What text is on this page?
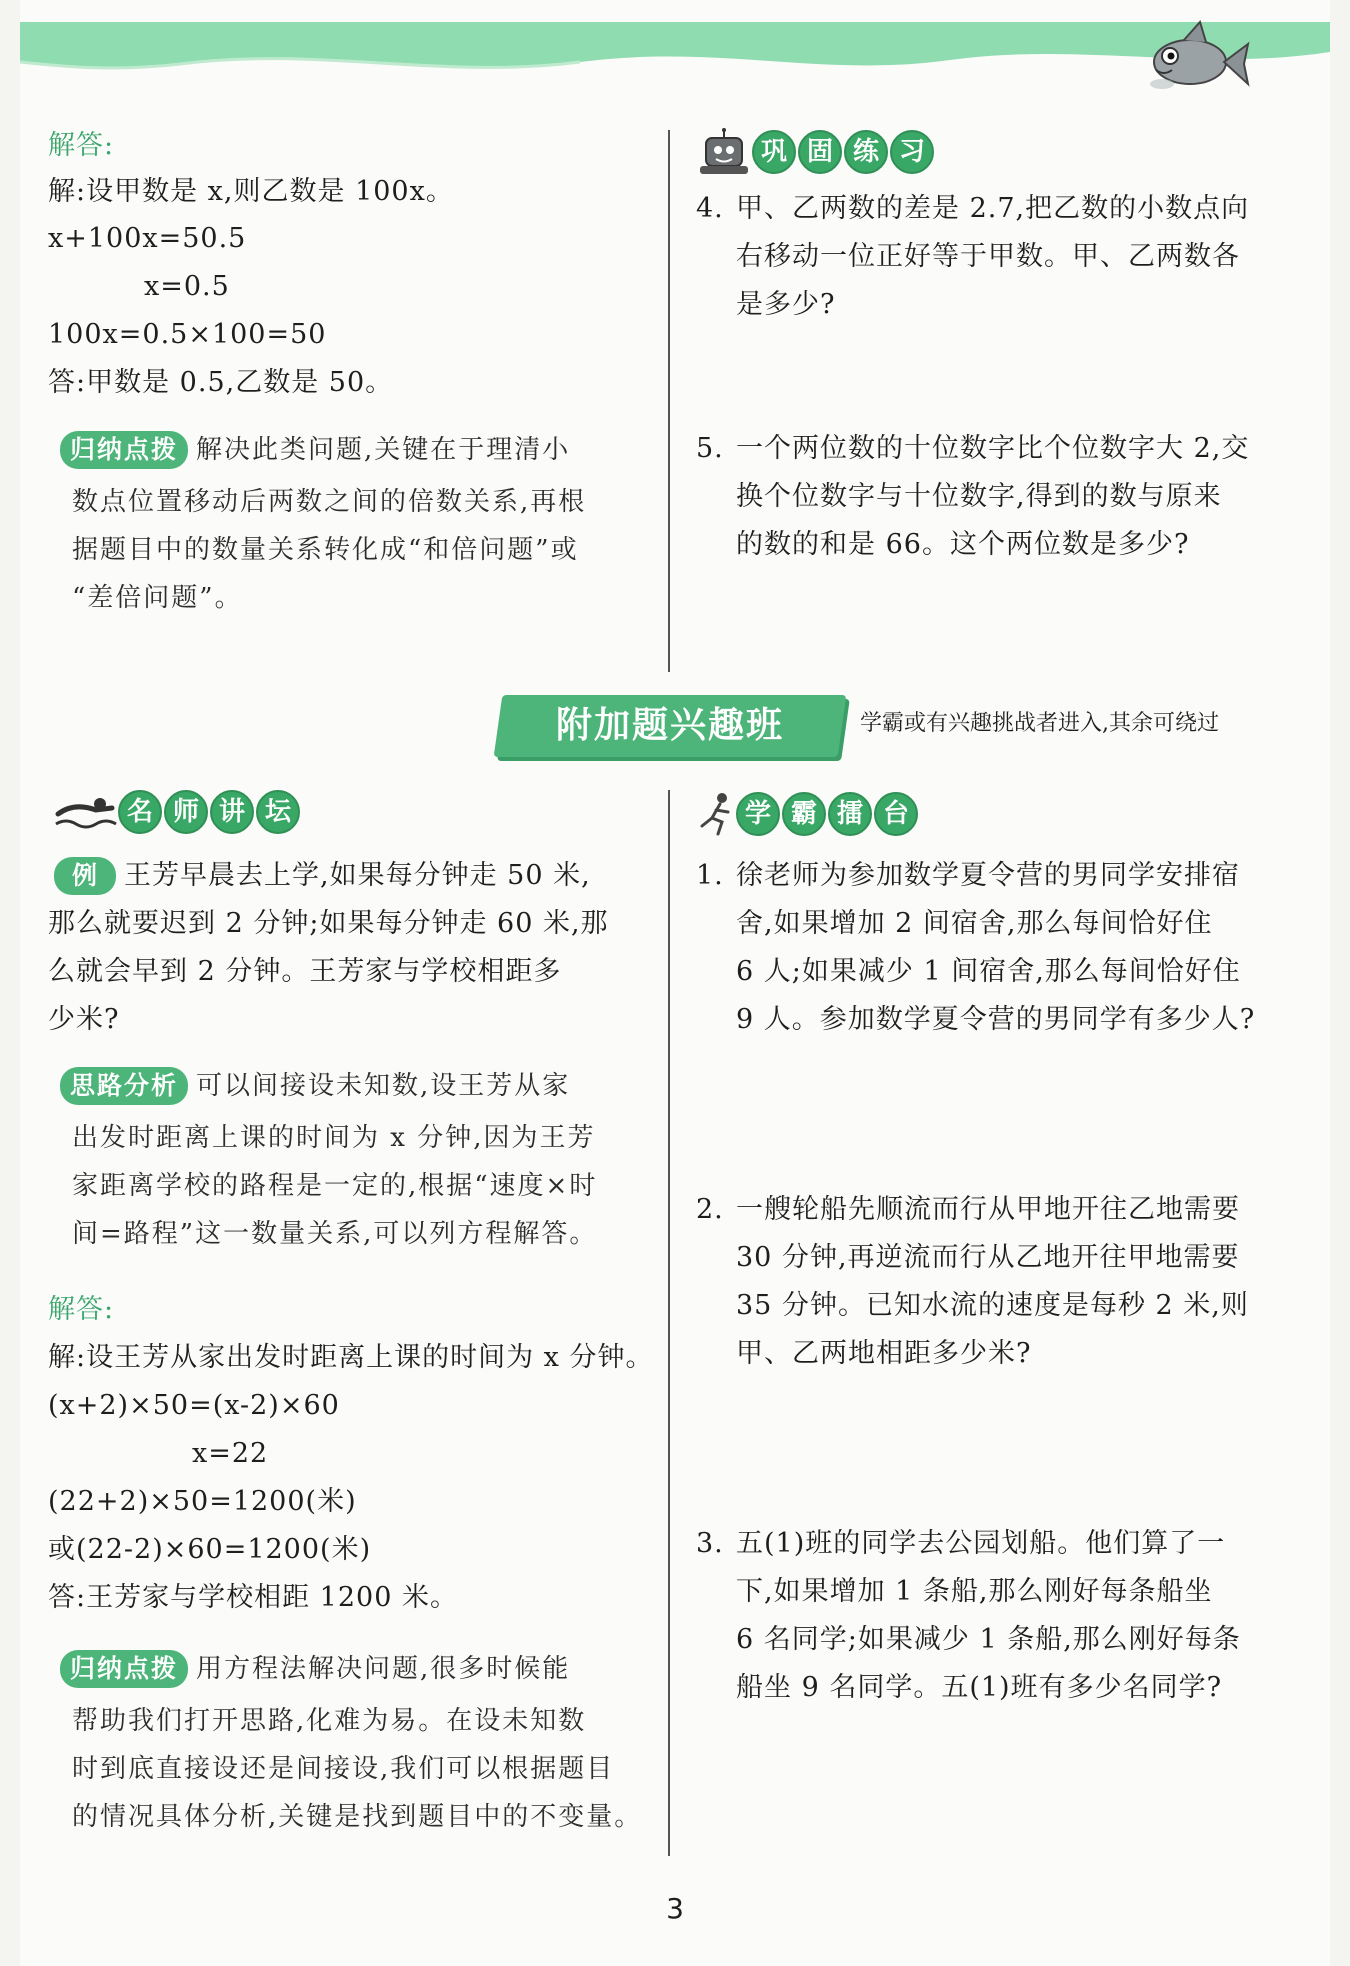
解答:
解:设甲数是 x,则乙数是 100x。
x+100x=50.5
x=0.5
100x=0.5×100=50
答:甲数是 0.5,乙数是 50。
归纳点拨 解决此类问题,关键在于理清小
数点位置移动后两数之间的倍数关系,再根
据题目中的数量关系转化成“和倍问题”或
“差倍问题”。
巩 固 练 习
4. 甲、乙两数的差是 2.7,把乙数的小数点向
右移动一位正好等于甲数。甲、乙两数各
是多少?
5. 一个两位数的十位数字比个位数字大 2,交
换个位数字与十位数字,得到的数与原来
的数的和是 66。这个两位数是多少?
附加题兴趣班	学霸或有兴趣挑战者进入,其余可绕过
名 师 讲 坛
例 王芳早晨去上学,如果每分钟走 50 米,
那么就要迟到 2 分钟;如果每分钟走 60 米,那
么就会早到 2 分钟。王芳家与学校相距多
少米?
思路分析 可以间接设未知数,设王芳从家
出发时距离上课的时间为 x 分钟,因为王芳
家距离学校的路程是一定的,根据“速度×时
间=路程”这一数量关系,可以列方程解答。
解答:
解:设王芳从家出发时距离上课的时间为 x 分钟。
(x+2)×50=(x-2)×60
x=22
(22+2)×50=1200(米)
或(22-2)×60=1200(米)
答:王芳家与学校相距 1200 米。
归纳点拨 用方程法解决问题,很多时候能
帮助我们打开思路,化难为易。在设未知数
时到底直接设还是间接设,我们可以根据题目
的情况具体分析,关键是找到题目中的不变量。
学 霸 擂 台
1. 徐老师为参加数学夏令营的男同学安排宿
舍,如果增加 2 间宿舍,那么每间恰好住
6 人;如果减少 1 间宿舍,那么每间恰好住
9 人。参加数学夏令营的男同学有多少人?
2. 一艘轮船先顺流而行从甲地开往乙地需要
30 分钟,再逆流而行从乙地开往甲地需要
35 分钟。已知水流的速度是每秒 2 米,则
甲、乙两地相距多少米?
3. 五(1)班的同学去公园划船。他们算了一
下,如果增加 1 条船,那么刚好每条船坐
6 名同学;如果减少 1 条船,那么刚好每条
船坐 9 名同学。五(1)班有多少名同学?
3
